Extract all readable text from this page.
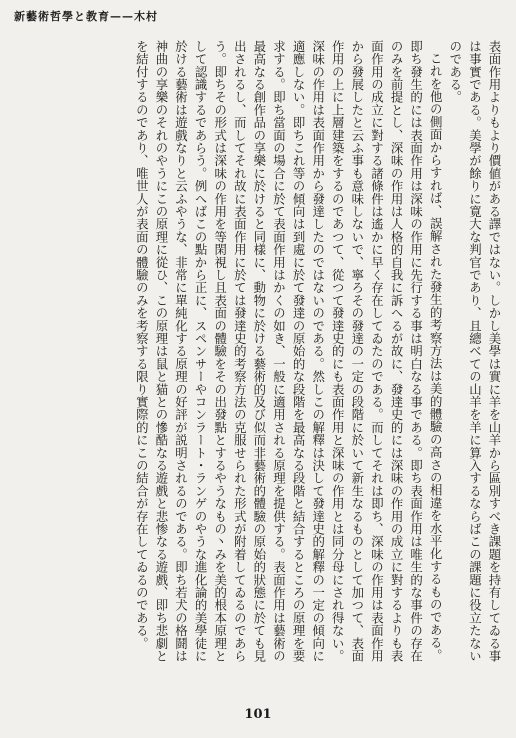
新藝術哲學と教育——木村

表面作用よりもより價値がある譯ではない。しかし美學は實に羊を山羊から區別すべき課題を持有してゐる事は事實である。美學が餘りに寛大な判官であり、且總べての山羊を羊に算入するならばこの課題に役立たないのである。

これを他の側面からすれば、誤解された發生的考察方法は美的體驗の高さの相違を水平化するものである。即ち發生的には表面作用は深味の作用に先行する事は明白なる事である。即ち表面作用は唯生的な事件の存在のみを前提とし、深味の作用は人格的自我に訴へるが故に、發達史的には深味の作用の成立に對するよりも表面作用の成立に對する諸條件は遙かに早く存在してゐたのである。而してそれは即ち、深味の作用は表面作用から發展したと云ふ事も意味しないで、寧ろその發達の一定の段階に於いて新生なるものとして加つて、表面作用の上に上層建築をするのであつて、從つて發達史的にも表面作用と深味の作用とは同分母にされ得ない。深味の作用は表面作用から發達したのではないのである。然しこの解釋は決して發達史的解釋の一定の傾向に適應しない。即ちこれ等の傾向は到處に於て發達の原始的な段階を最高なる段階と結合するところの原理を要求する。即ち當面の場合に於て表面作用はかくの如き、一般に適用される原理を提供する。表面作用は藝術の最高なる創作品の享樂に於けると同樣に、動物に於ける藝術的及び似而非藝術的體驗の原始的狀態に於ても見出されるし、而してそれ故に表面作用に於ては發達史的考察方法の克服せられた形式が附着してゐるのであらう。即ちその形式は深味の作用を等閑視し且表面の體驗をその出發點とするやうなもの丶みを美的根本原理として認識するであらう。例へばこの點から正に、スペンサーやコンラート・ランゲのやうな進化論的美學徒に於ける藝術は遊戲なりと云ふやうな、非常に單純化する原理の好評が説明されるのである。即ち若犬の格鬪は神曲の享樂のそれのやうにこの原理に從ひ、この原理は鼠と猫との慘酷なる遊戲と悲惨なる遊戲、即ち悲劇とを結付するのであり、唯世人が表面の體驗のみを考察する限り實際的にこの結合が存在してゐるのである。

101
